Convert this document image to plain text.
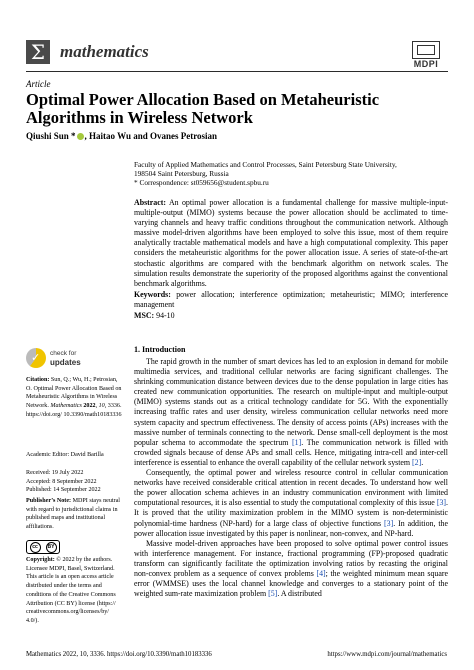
Σ mathematics
MDPI
Article
Optimal Power Allocation Based on Metaheuristic Algorithms in Wireless Network
Qiushi Sun * , Haitao Wu and Ovanes Petrosian
Faculty of Applied Mathematics and Control Processes, Saint Petersburg State University,
198504 Saint Petersburg, Russia
* Correspondence: st059656@student.spbu.ru
Abstract: An optimal power allocation is a fundamental challenge for massive multiple-input-multiple-output (MIMO) systems because the power allocation should be acclimated to time-varying channels and heavy traffic conditions throughout the communication network. Although massive model-driven algorithms have been employed to solve this issue, most of them require analytically tractable mathematical models and have a high computational complexity. This paper considers the metaheuristic algorithms for the power allocation issue. A series of state-of-the-art stochastic algorithms are compared with the benchmark algorithm on network scales. The simulation results demonstrate the superiority of the proposed algorithms against the conventional benchmark algorithms.
Keywords: power allocation; interference optimization; metaheuristic; MIMO; interference management
MSC: 94-10
1. Introduction

The rapid growth in the number of smart devices has led to an explosion in demand for mobile multimedia services, and traditional cellular networks are facing significant challenges. The shrinking communication distance between devices due to the dense population in large cities has created new communication opportunities. The research on multiple-input and multiple-output (MIMO) systems stands out as a critical technology candidate for 5G. With the exponentially increasing traffic rates and user density, wireless communication cellular networks need more system capacity and spectrum effectiveness. The density of access points (APs) increases with the massive number of terminals connecting to the network. Dense small-cell deployment is the most popular schema to accommodate the spectrum [1]. The communication network is filled with crowded signals because of dense APs and small cells. Hence, mitigating intra-cell and inter-cell interference is essential to enhance the overall capability of the cellular network system [2].

Consequently, the optimal power and wireless resource control in cellular communication networks have received considerable critical attention in recent decades. To understand how well the power allocation schema achieves in an industry communication environment with limited computational resources, it is also essential to study the computational complexity of this issue [3]. It is proved that the utility maximization problem in the MIMO system is non-deterministic polynomial-time hardness (NP-hard) for a large class of objective functions [3]. In addition, the power allocation issue investigated by this paper is nonlinear, non-convex, and NP-hard.

Massive model-driven approaches have been proposed to solve optimal power control issues with interference management. For instance, fractional programming (FP)-proposed quadratic transform can significantly facilitate the optimization involving ratios by recasting the original non-convex problem as a sequence of convex problems [4]; the weighted minimum mean square error (WMMSE) uses the local channel knowledge and converges to a stationary point of the weighted sum-rate maximization problem [5]. A distributed

✓
check for
updates
Citation: Sun, Q.; Wu, H.; Petrosian, O. Optimal Power Allocation Based on Metaheuristic Algorithms in Wireless Network. Mathematics 2022, 10, 3336. https://doi.org/ 10.3390/math10183336
Academic Editor: David Barilla
Received: 19 July 2022
Accepted: 8 September 2022
Published: 14 September 2022
Publisher’s Note: MDPI stays neutral with regard to jurisdictional claims in published maps and institutional affiliations.
cc	BY
Copyright: © 2022 by the authors. Licensee MDPI, Basel, Switzerland. This article is an open access article distributed under the terms and conditions of the Creative Commons Attribution (CC BY) license (https:// creativecommons.org/licenses/by/ 4.0/).
Mathematics 2022, 10, 3336. https://doi.org/10.3390/math10183336	https://www.mdpi.com/journal/mathematics
